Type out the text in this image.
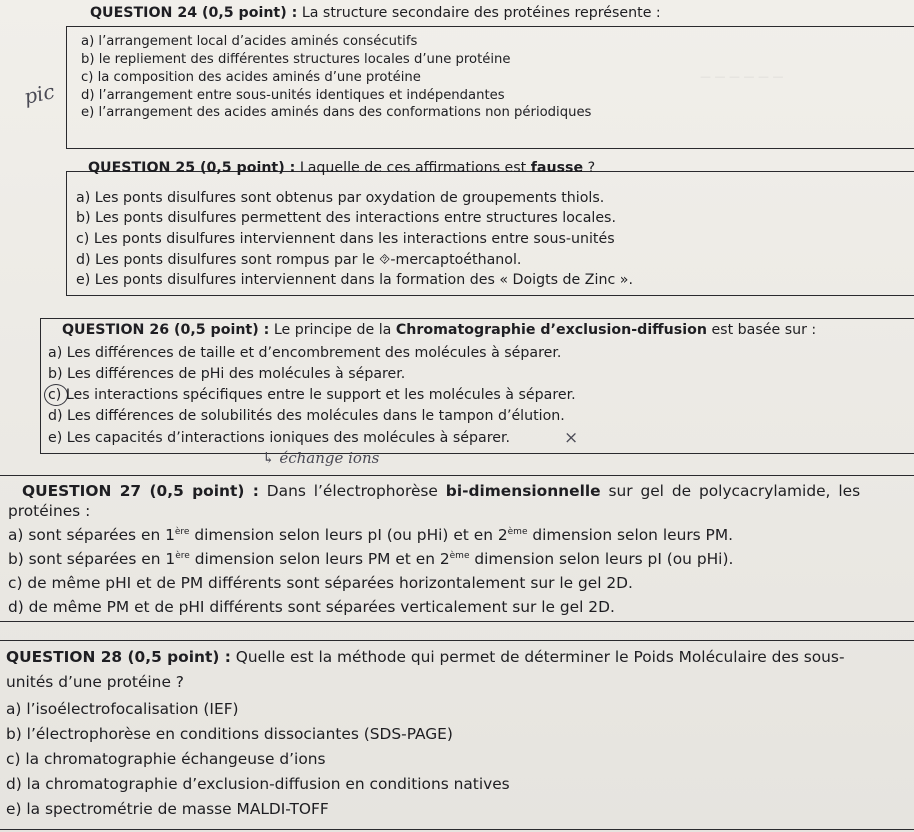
— — — — — —
QUESTION 24 (0,5 point) : La structure secondaire des protéines représente :
a) l’arrangement local d’acides aminés consécutifs
b) le repliement des différentes structures locales d’une protéine
c) la composition des acides aminés d’une protéine
d) l’arrangement entre sous-unités identiques et indépendantes
e) l’arrangement des acides aminés dans des conformations non périodiques
pic
QUESTION 25 (0,5 point) : Laquelle de ces affirmations est fausse ?
a) Les ponts disulfures sont obtenus par oxydation de groupements thiols.
b) Les ponts disulfures permettent des interactions entre structures locales.
c) Les ponts disulfures interviennent dans les interactions entre sous-unités
d) Les ponts disulfures sont rompus par le ⯑-mercaptoéthanol.
e) Les ponts disulfures interviennent dans la formation des « Doigts de Zinc ».
QUESTION 26 (0,5 point) : Le principe de la Chromatographie d’exclusion-diffusion est basée sur :
a) Les différences de taille et d’encombrement des molécules à séparer.
b) Les différences de pHi des molécules à séparer.
c) Les interactions spécifiques entre le support et les molécules à séparer.
d) Les différences de solubilités des molécules dans le tampon d’élution.
e) Les capacités d’interactions ioniques des molécules à séparer.	×
↳ échange ions
QUESTION 27 (0,5 point) : Dans l’électrophorèse bi-dimensionnelle sur gel de polycacrylamide, les
protéines :
a) sont séparées en 1ère dimension selon leurs pI (ou pHi) et en 2ème dimension selon leurs PM.
b) sont séparées en 1ère dimension selon leurs PM et en 2ème dimension selon leurs pI (ou pHi).
c) de même pHI et de PM différents sont séparées horizontalement sur le gel 2D.
d) de même PM et de pHI différents sont séparées verticalement sur le gel 2D.
QUESTION 28 (0,5 point) : Quelle est la méthode qui permet de déterminer le Poids Moléculaire des sous-
unités d’une protéine ?
a) l’isoélectrofocalisation (IEF)
b) l’électrophorèse en conditions dissociantes (SDS-PAGE)
c) la chromatographie échangeuse d’ions
d) la chromatographie d’exclusion-diffusion en conditions natives
e) la spectrométrie de masse MALDI-TOFF
